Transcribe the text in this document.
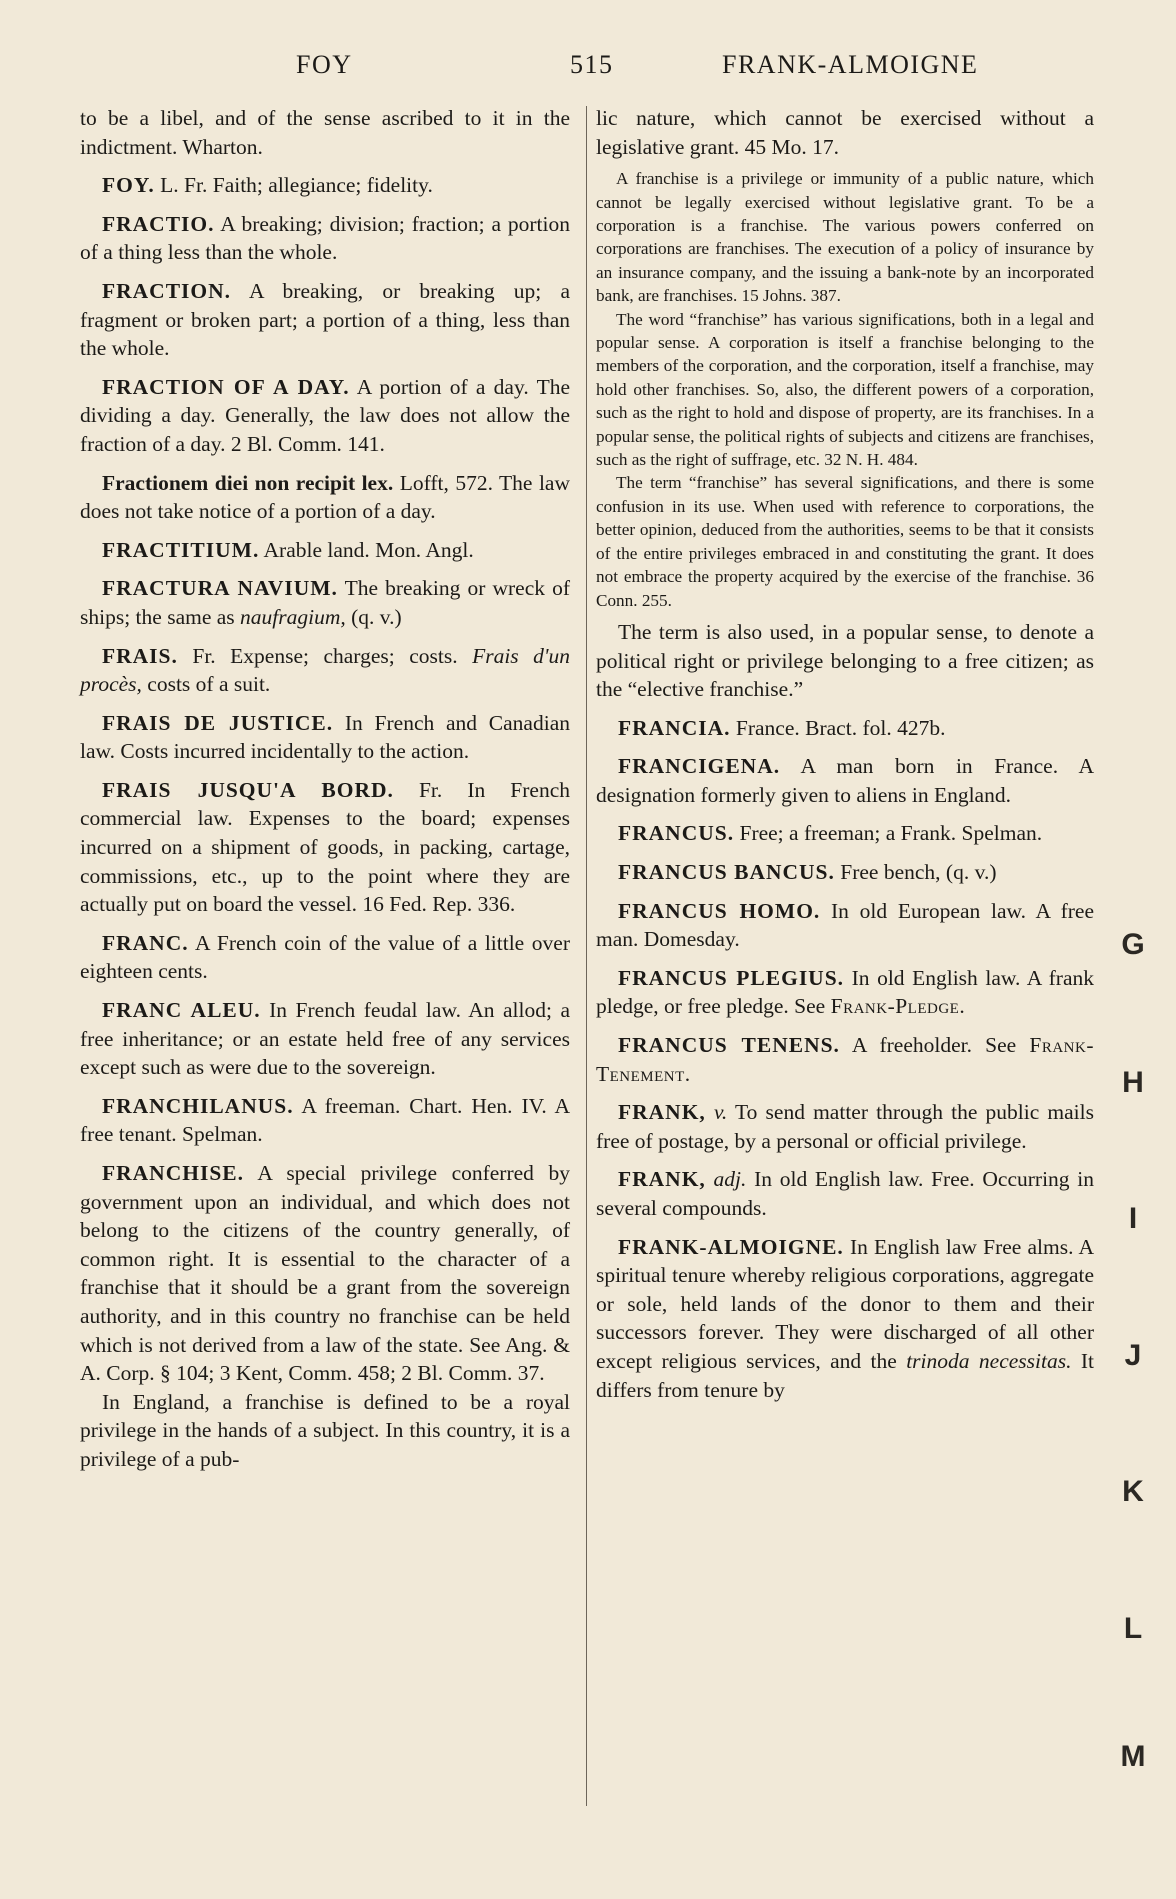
FOY	515	FRANK-ALMOIGNE
to be a libel, and of the sense ascribed to it in the indictment. Wharton.
FOY. L. Fr. Faith; allegiance; fidelity.
FRACTIO. A breaking; division; fraction; a portion of a thing less than the whole.
FRACTION. A breaking, or breaking up; a fragment or broken part; a portion of a thing, less than the whole.
FRACTION OF A DAY. A portion of a day. The dividing a day. Generally, the law does not allow the fraction of a day. 2 Bl. Comm. 141.
Fractionem diei non recipit lex. Lofft, 572. The law does not take notice of a portion of a day.
FRACTITIUM. Arable land. Mon. Angl.
FRACTURA NAVIUM. The breaking or wreck of ships; the same as naufragium, (q. v.)
FRAIS. Fr. Expense; charges; costs. Frais d'un procès, costs of a suit.
FRAIS DE JUSTICE. In French and Canadian law. Costs incurred incidentally to the action.
FRAIS JUSQU'A BORD. Fr. In French commercial law. Expenses to the board; expenses incurred on a shipment of goods, in packing, cartage, commissions, etc., up to the point where they are actually put on board the vessel. 16 Fed. Rep. 336.
FRANC. A French coin of the value of a little over eighteen cents.
FRANC ALEU. In French feudal law. An allod; a free inheritance; or an estate held free of any services except such as were due to the sovereign.
FRANCHILANUS. A freeman. Chart. Hen. IV. A free tenant. Spelman.
FRANCHISE. A special privilege conferred by government upon an individual, and which does not belong to the citizens of the country generally, of common right. It is essential to the character of a franchise that it should be a grant from the sovereign authority, and in this country no franchise can be held which is not derived from a law of the state. See Ang. & A. Corp. § 104; 3 Kent, Comm. 458; 2 Bl. Comm. 37.
In England, a franchise is defined to be a royal privilege in the hands of a subject. In this country, it is a privilege of a pub-
lic nature, which cannot be exercised without a legislative grant. 45 Mo. 17.

A franchise is a privilege or immunity of a public nature, which cannot be legally exercised without legislative grant. To be a corporation is a franchise. The various powers conferred on corporations are franchises. The execution of a policy of insurance by an insurance company, and the issuing a bank-note by an incorporated bank, are franchises. 15 Johns. 387.

The word “franchise” has various significations, both in a legal and popular sense. A corporation is itself a franchise belonging to the members of the corporation, and the corporation, itself a franchise, may hold other franchises. So, also, the different powers of a corporation, such as the right to hold and dispose of property, are its franchises. In a popular sense, the political rights of subjects and citizens are franchises, such as the right of suffrage, etc. 32 N. H. 484.

The term “franchise” has several significations, and there is some confusion in its use. When used with reference to corporations, the better opinion, deduced from the authorities, seems to be that it consists of the entire privileges embraced in and constituting the grant. It does not embrace the property acquired by the exercise of the franchise. 36 Conn. 255.

The term is also used, in a popular sense, to denote a political right or privilege belonging to a free citizen; as the “elective franchise.”
FRANCIA. France. Bract. fol. 427b.
FRANCIGENA. A man born in France. A designation formerly given to aliens in England.
FRANCUS. Free; a freeman; a Frank. Spelman.
FRANCUS BANCUS. Free bench, (q. v.)
FRANCUS HOMO. In old European law. A free man. Domesday.
FRANCUS PLEGIUS. In old English law. A frank pledge, or free pledge. See Frank-Pledge.
FRANCUS TENENS. A freeholder. See Frank-Tenement.
FRANK, v. To send matter through the public mails free of postage, by a personal or official privilege.
FRANK, adj. In old English law. Free. Occurring in several compounds.
FRANK-ALMOIGNE. In English law Free alms. A spiritual tenure whereby religious corporations, aggregate or sole, held lands of the donor to them and their successors forever. They were discharged of all other except religious services, and the trinoda necessitas. It differs from tenure by
G
H
I
J
K
L
M
